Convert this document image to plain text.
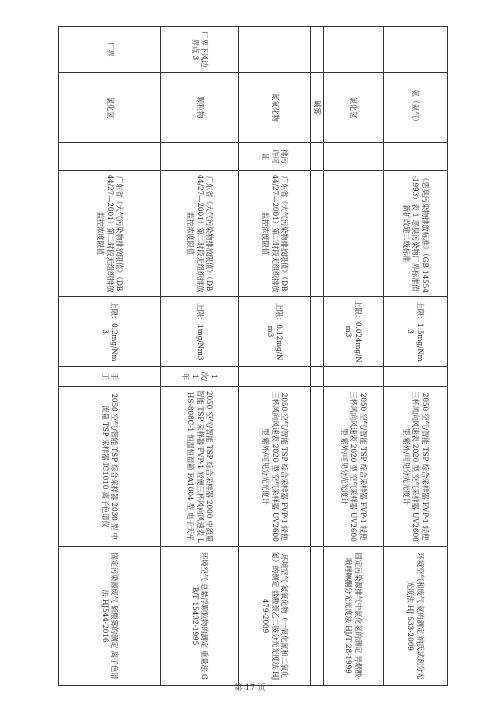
	氨（氨气）		《恶臭污染物排放标准》（GB 14554-1993）表 1 恶臭污染物厂界标准值新扩改建二级标准	上限：1.5mg/Nm3		2050 空气/智能 TSP 综合采样器 FVP-1 轻便三杯风向风速表 2020 型 空气采样器 UV2600 型 紫外/可见分光光度计	环境空气和废气 氨的测定 纳氏试剂分光光度法 HJ 533-2009
	氯化氢			上限：0.024mg/Nm3		2050 空气/智能 TSP 综合采样器 FVP-1 轻便三杯风向风速表 2020 型 空气采样器 UV2600 型 紫外/可见分光光度计	固定污染源排气中氯化氢的测定 异烟酸-吡唑啉酮分光光度法 HJ/T 28-1999
	碱雾						
	氮氧化物	排污许可证	广东省《大气污染物排放限值》（DB44/27—2001）第二时段无组织排放监控浓度限值	上限：0.12mg/Nm3		2050 空气/智能 TSP 综合采样器 FVP-1 轻便三杯风向风速表 2020 型 空气采样器 UV2600 型 紫外/可见分光光度计	环境空气 氮氧化物（一氧化氮和二氧化氮）的测定 盐酸萘乙二胺分光光度法 HJ 479-2009
厂界下风边界点 3	颗粒物		广东省《大气污染物排放限值》（DB44/27—2001）第二时段无组织排放监控浓度限值	上限：1mg/Nm3	1 次/1 年	2050 空气/智能 TSP 综合采样器 2000 中流量智能 TSP 采样器 FVP-1 轻便三杯风向风速表 LHS-808C-1 恒温恒湿箱 FA1004 型 电子天平	环境空气 总悬浮颗粒物的测定 重量法 GB/T 15432-1995
厂界	氯化氢		广东省《大气污染物排放限值》（DB44/27—2001）第二时段无组织排放监控浓度限值	上限：0.2mg/Nm3	手工	2050 空气/智能 TSP 综合采样器 2030 型 中流量 TSP 采样器 IC1010 离子色谱仪	固定污染源废气 硫酸雾的测定 离子色谱法 HJ544-2016
第 17 页
